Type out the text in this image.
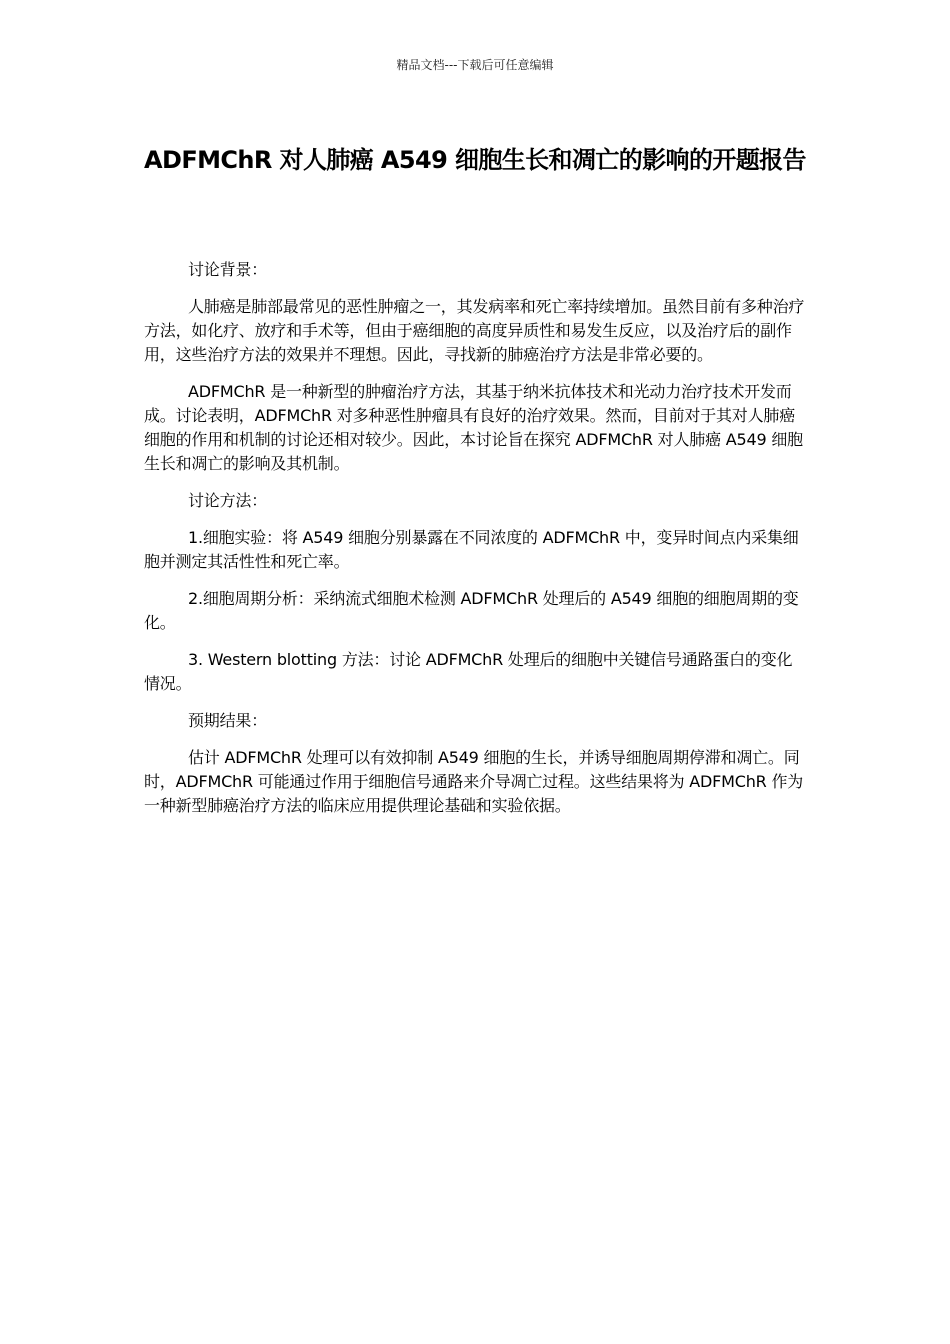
精品文档---下载后可任意编辑
ADFMChR 对人肺癌 A549 细胞生长和凋亡的影响的开题报告

讨论背景：

人肺癌是肺部最常见的恶性肿瘤之一，其发病率和死亡率持续增加。虽然目前有多种治疗方法，如化疗、放疗和手术等，但由于癌细胞的高度异质性和易发生反应，以及治疗后的副作用，这些治疗方法的效果并不理想。因此，寻找新的肺癌治疗方法是非常必要的。

ADFMChR 是一种新型的肿瘤治疗方法，其基于纳米抗体技术和光动力治疗技术开发而成。讨论表明，ADFMChR 对多种恶性肿瘤具有良好的治疗效果。然而，目前对于其对人肺癌细胞的作用和机制的讨论还相对较少。因此，本讨论旨在探究 ADFMChR 对人肺癌 A549 细胞生长和凋亡的影响及其机制。

讨论方法：

1.细胞实验：将 A549 细胞分别暴露在不同浓度的 ADFMChR 中，变异时间点内采集细胞并测定其活性性和死亡率。

2.细胞周期分析：采纳流式细胞术检测 ADFMChR 处理后的 A549 细胞的细胞周期的变化。

3. Western blotting 方法：讨论 ADFMChR 处理后的细胞中关键信号通路蛋白的变化情况。

预期结果：

估计 ADFMChR 处理可以有效抑制 A549 细胞的生长，并诱导细胞周期停滞和凋亡。同时，ADFMChR 可能通过作用于细胞信号通路来介导凋亡过程。这些结果将为 ADFMChR 作为一种新型肺癌治疗方法的临床应用提供理论基础和实验依据。
